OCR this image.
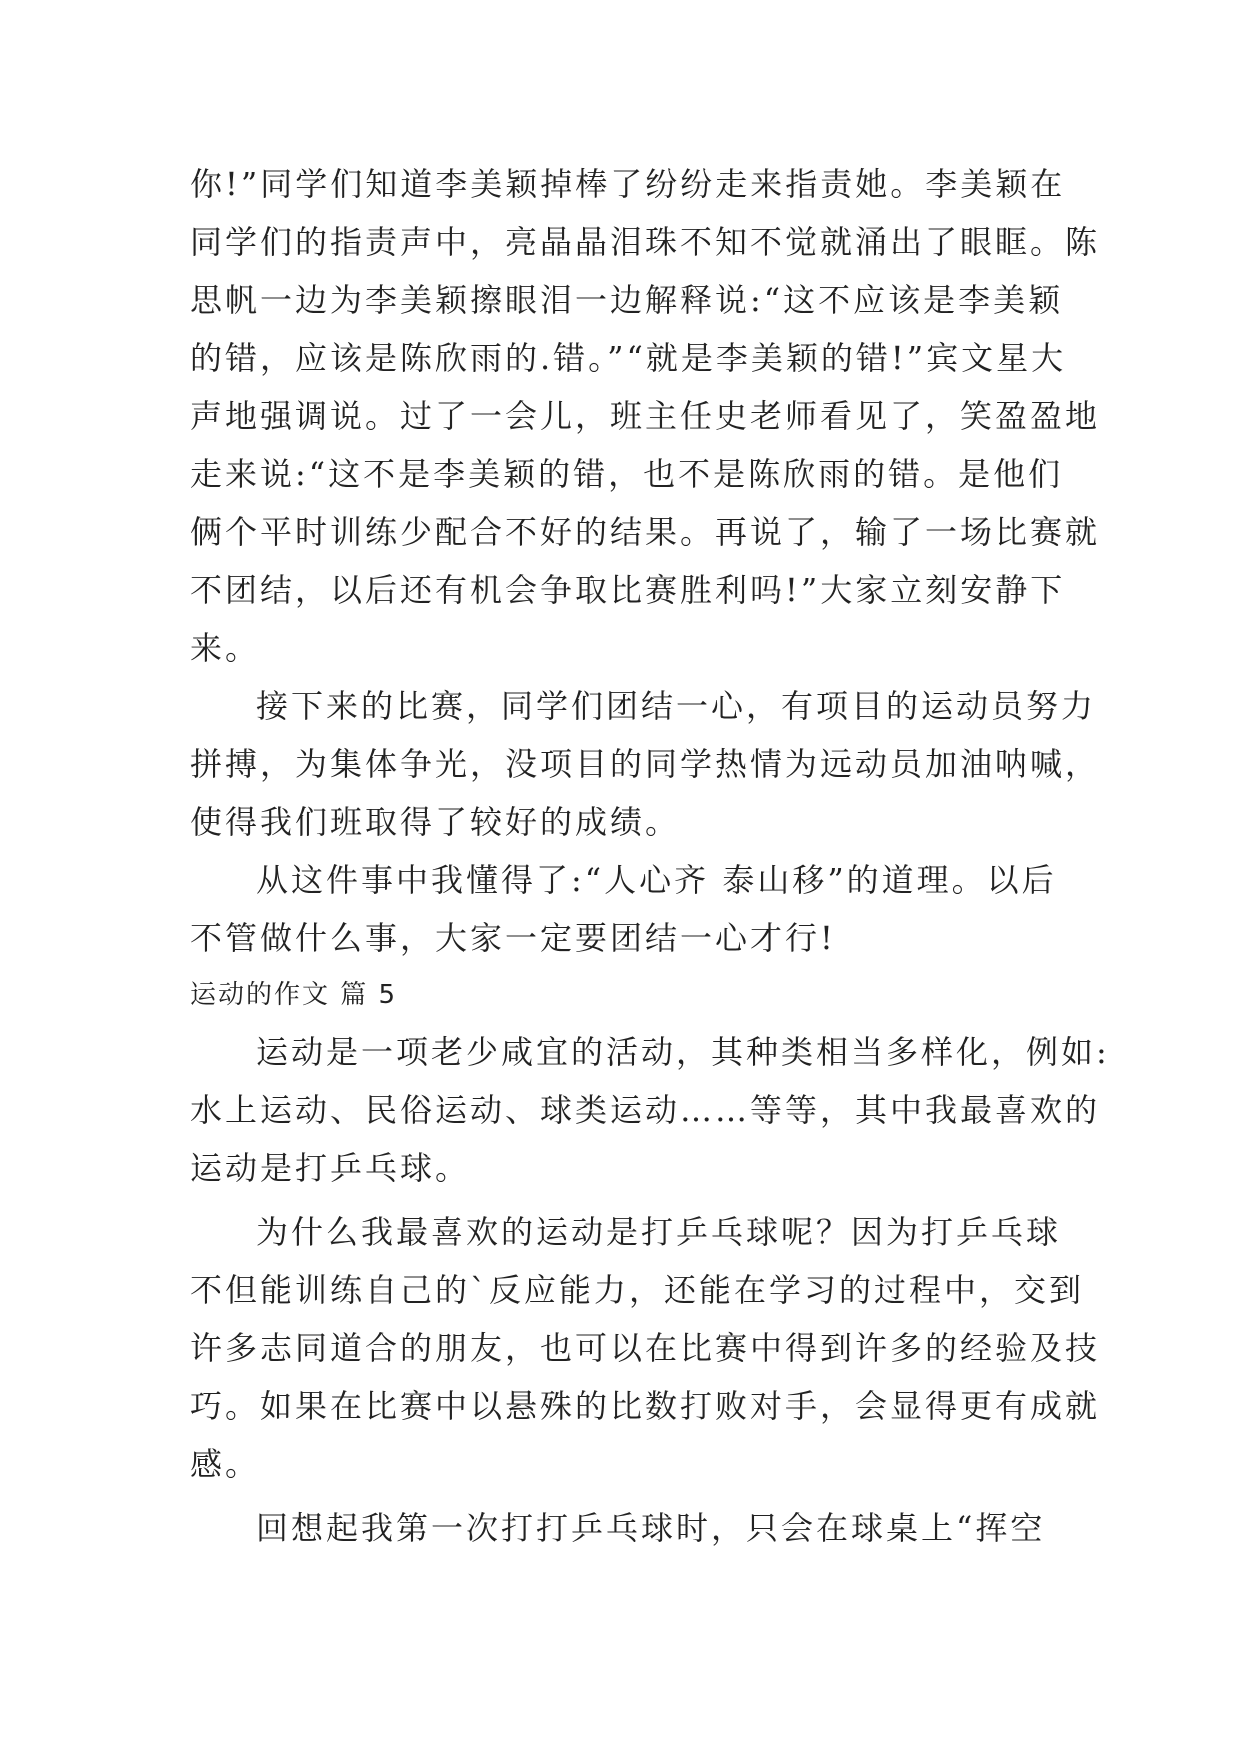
你!”同学们知道李美颖掉棒了纷纷走来指责她。李美颖在
同学们的指责声中，亮晶晶泪珠不知不觉就涌出了眼眶。陈
思帆一边为李美颖擦眼泪一边解释说:“这不应该是李美颖
的错，应该是陈欣雨的.错。”“就是李美颖的错!”宾文星大
声地强调说。过了一会儿，班主任史老师看见了，笑盈盈地
走来说:“这不是李美颖的错，也不是陈欣雨的错。是他们
俩个平时训练少配合不好的结果。再说了，输了一场比赛就
不团结，以后还有机会争取比赛胜利吗!”大家立刻安静下
来。
接下来的比赛，同学们团结一心，有项目的运动员努力
拼搏，为集体争光，没项目的同学热情为远动员加油呐喊，
使得我们班取得了较好的成绩。
从这件事中我懂得了:“人心齐 泰山移”的道理。以后
不管做什么事，大家一定要团结一心才行!
运动的作文 篇 5
运动是一项老少咸宜的活动，其种类相当多样化，例如:
水上运动、民俗运动、球类运动……等等，其中我最喜欢的
运动是打乒乓球。
为什么我最喜欢的运动是打乒乓球呢？因为打乒乓球
不但能训练自己的`反应能力，还能在学习的过程中，交到
许多志同道合的朋友，也可以在比赛中得到许多的经验及技
巧。如果在比赛中以悬殊的比数打败对手，会显得更有成就
感。
回想起我第一次打打乒乓球时，只会在球桌上“挥空
